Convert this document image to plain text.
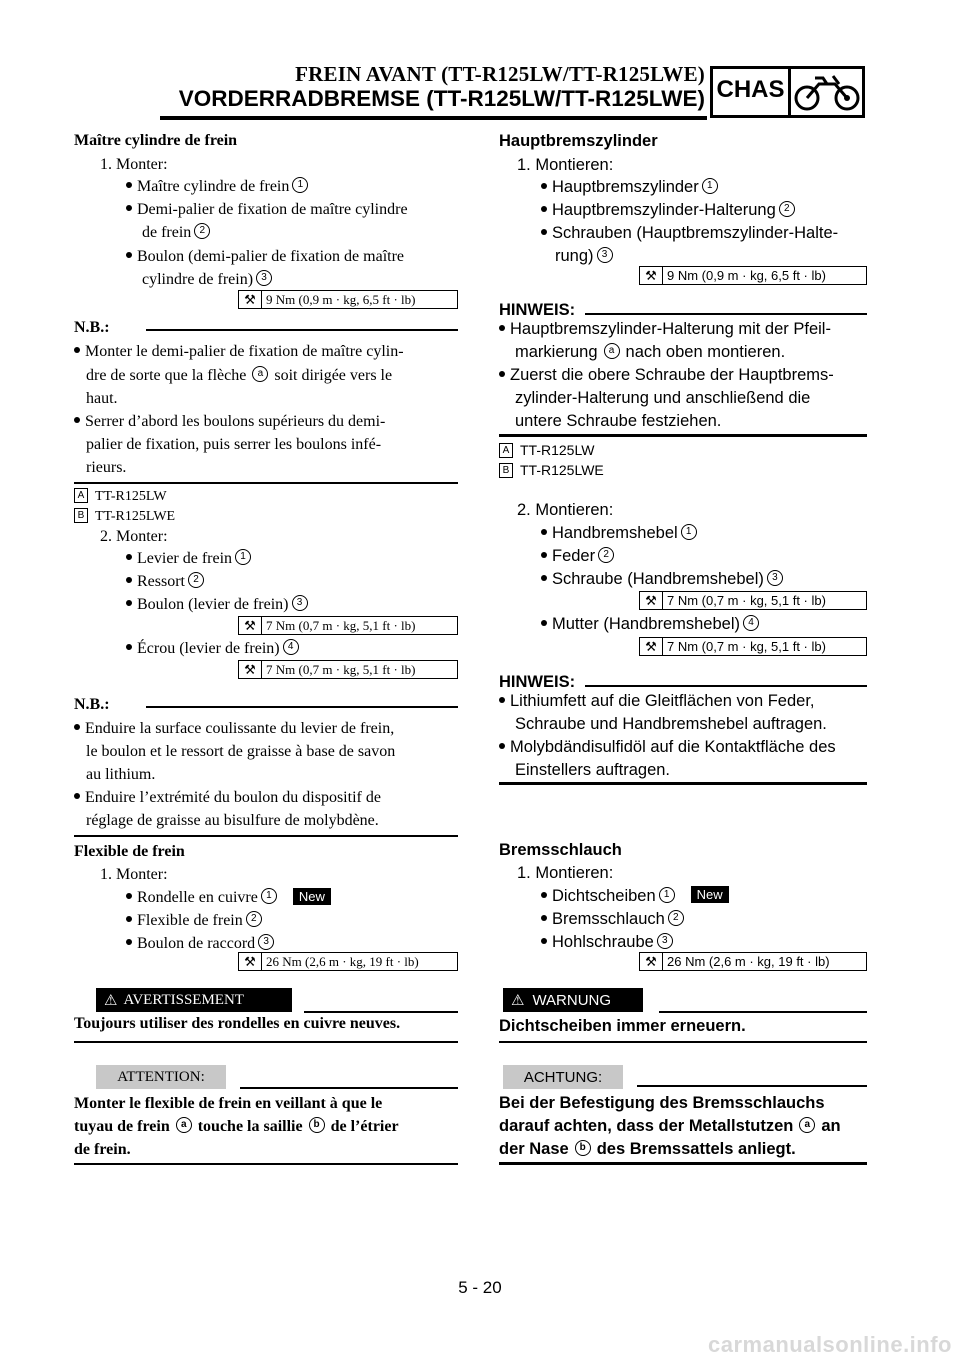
FREIN AVANT (TT-R125LW/TT-R125LWE)
VORDERRADBREMSE (TT-R125LW/TT-R125LWE) CHAS
Maître cylindre de frein
1. Monter:
Maître cylindre de frein 1
Demi-palier de fixation de maître cylindre
de frein 2
Boulon (demi-palier de fixation de maître
cylindre de frein) 3
⚒ 9 Nm (0,9 m · kg, 6,5 ft · lb)
N.B.:
Monter le demi-palier de fixation de maître cylin-
dre de sorte que la flèche a soit dirigée vers le
haut.
Serrer d’abord les boulons supérieurs du demi-
palier de fixation, puis serrer les boulons infé-
rieurs.
A TT-R125LW
B TT-R125LWE
2. Monter:
Levier de frein 1
Ressort 2
Boulon (levier de frein) 3
⚒ 7 Nm (0,7 m · kg, 5,1 ft · lb)
Écrou (levier de frein) 4
⚒ 7 Nm (0,7 m · kg, 5,1 ft · lb)
N.B.:
Enduire la surface coulissante du levier de frein,
le boulon et le ressort de graisse à base de savon
au lithium.
Enduire l’extrémité du boulon du dispositif de
réglage de graisse au bisulfure de molybdène.
Flexible de frein
1. Monter:
Rondelle en cuivre 1 New
Flexible de frein 2
Boulon de raccord 3
⚒ 26 Nm (2,6 m · kg, 19 ft · lb)
⚠ AVERTISSEMENT
Toujours utiliser des rondelles en cuivre neuves.
ATTENTION:
Monter le flexible de frein en veillant à que le
tuyau de frein a touche la saillie b de l’étrier
de frein.
Hauptbremszylinder
1. Montieren:
Hauptbremszylinder 1
Hauptbremszylinder-Halterung 2
Schrauben (Hauptbremszylinder-Halte-
rung) 3
⚒ 9 Nm (0,9 m · kg, 6,5 ft · lb)
HINWEIS:
Hauptbremszylinder-Halterung mit der Pfeil-
markierung a nach oben montieren.
Zuerst die obere Schraube der Hauptbrems-
zylinder-Halterung und anschließend die
untere Schraube festziehen.
A TT-R125LW
B TT-R125LWE
2. Montieren:
Handbremshebel 1
Feder 2
Schraube (Handbremshebel) 3
⚒ 7 Nm (0,7 m · kg, 5,1 ft · lb)
Mutter (Handbremshebel) 4
⚒ 7 Nm (0,7 m · kg, 5,1 ft · lb)
HINWEIS:
Lithiumfett auf die Gleitflächen von Feder,
Schraube und Handbremshebel auftragen.
Molybdändisulfidöl auf die Kontaktfläche des
Einstellers auftragen.
Bremsschlauch
1. Montieren:
Dichtscheiben 1 New
Bremsschlauch 2
Hohlschraube 3
⚒ 26 Nm (2,6 m · kg, 19 ft · lb)
⚠ WARNUNG
Dichtscheiben immer erneuern.
ACHTUNG:
Bei der Befestigung des Bremsschlauchs
darauf achten, dass der Metallstutzen a an
der Nase b des Bremssattels anliegt.
5 - 20
carmanualsonline.info
